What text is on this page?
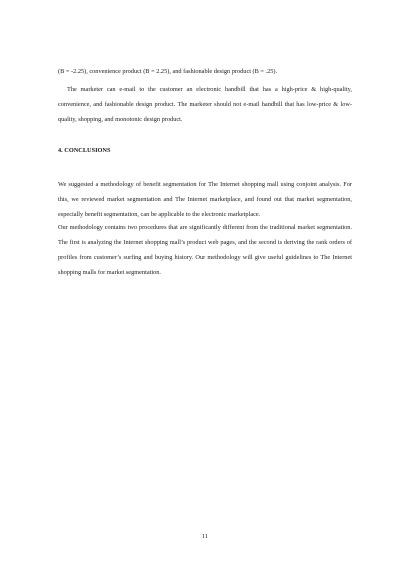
(B = -2.25), convenience product (B = 2.25), and fashionable design product (B = .25).

The marketer can e-mail to the customer an electronic handbill that has a high-price & high-quality, convenience, and fashionable design product. The marketer should not e-mail handbill that has low-price & low-quality, shopping, and monotonic design product.

4. CONCLUSIONS

We suggested a methodology of benefit segmentation for The Internet shopping mall using conjoint analysis. For this, we reviewed market segmentation and The Internet marketplace, and found out that market segmentation, especially benefit segmentation, can be applicable to the electronic marketplace.

Our methodology contains two procedures that are significantly different from the traditional market segmentation. The first is analyzing the Internet shopping mall’s product web pages, and the second is deriving the rank orders of profiles from customer’s surfing and buying history. Our methodology will give useful guidelines to The Internet shopping malls for market segmentation.

11
